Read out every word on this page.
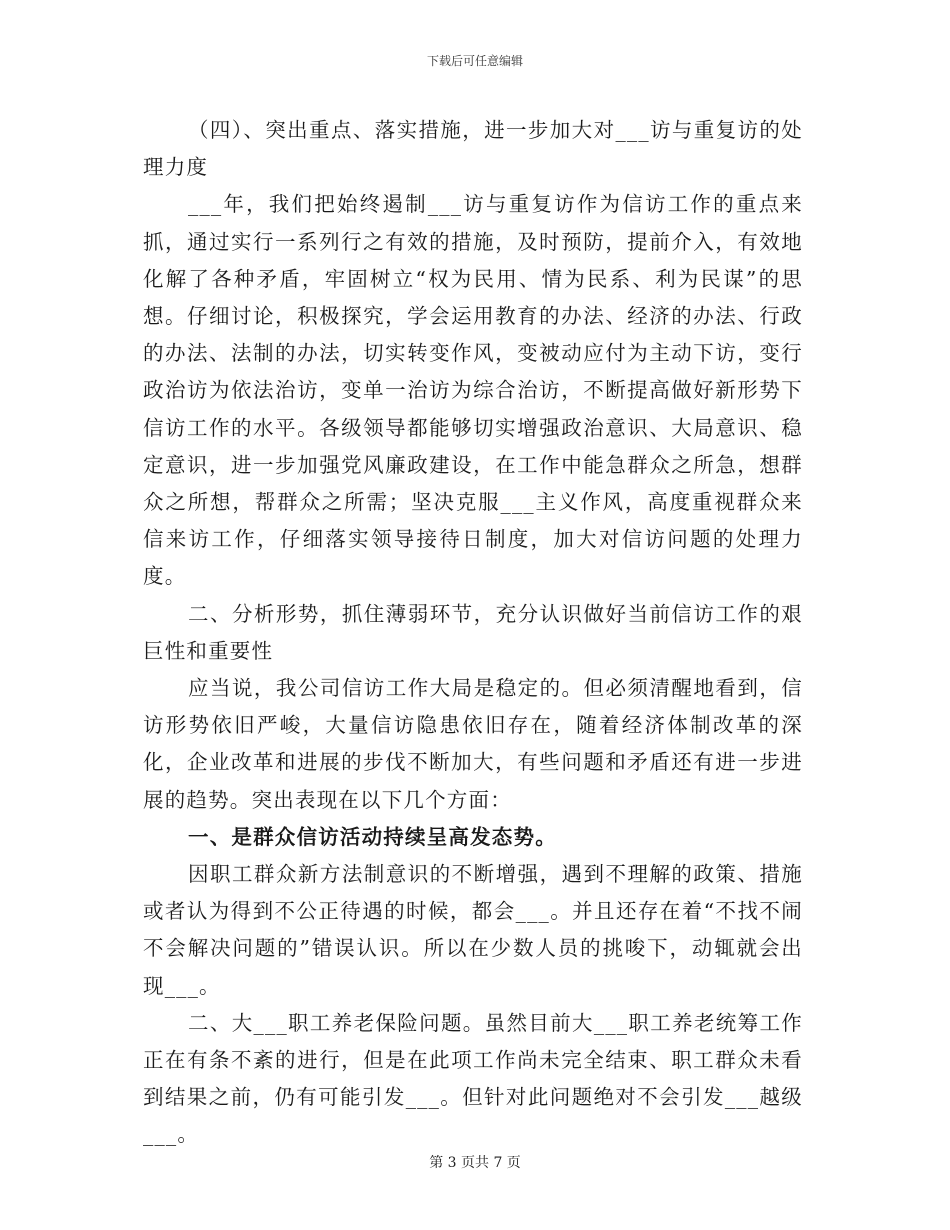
下载后可任意编辑

（四）、突出重点、落实措施，进一步加大对___访与重复访的处理力度

___年，我们把始终遏制___访与重复访作为信访工作的重点来抓，通过实行一系列行之有效的措施，及时预防，提前介入，有效地化解了各种矛盾，牢固树立“权为民用、情为民系、利为民谋”的思想。仔细讨论，积极探究，学会运用教育的办法、经济的办法、行政的办法、法制的办法，切实转变作风，变被动应付为主动下访，变行政治访为依法治访，变单一治访为综合治访，不断提高做好新形势下信访工作的水平。各级领导都能够切实增强政治意识、大局意识、稳定意识，进一步加强党风廉政建设，在工作中能急群众之所急，想群众之所想，帮群众之所需；坚决克服___主义作风，高度重视群众来信来访工作，仔细落实领导接待日制度，加大对信访问题的处理力度。

二、分析形势，抓住薄弱环节，充分认识做好当前信访工作的艰巨性和重要性

应当说，我公司信访工作大局是稳定的。但必须清醒地看到，信访形势依旧严峻，大量信访隐患依旧存在，随着经济体制改革的深化，企业改革和进展的步伐不断加大，有些问题和矛盾还有进一步进展的趋势。突出表现在以下几个方面：

一、是群众信访活动持续呈高发态势。

因职工群众新方法制意识的不断增强，遇到不理解的政策、措施或者认为得到不公正待遇的时候，都会___。并且还存在着“不找不闹不会解决问题的”错误认识。所以在少数人员的挑唆下，动辄就会出现___。

二、大___职工养老保险问题。虽然目前大___职工养老统筹工作正在有条不紊的进行，但是在此项工作尚未完全结束、职工群众未看到结果之前，仍有可能引发___。但针对此问题绝对不会引发___越级___。

第 3 页共 7 页
